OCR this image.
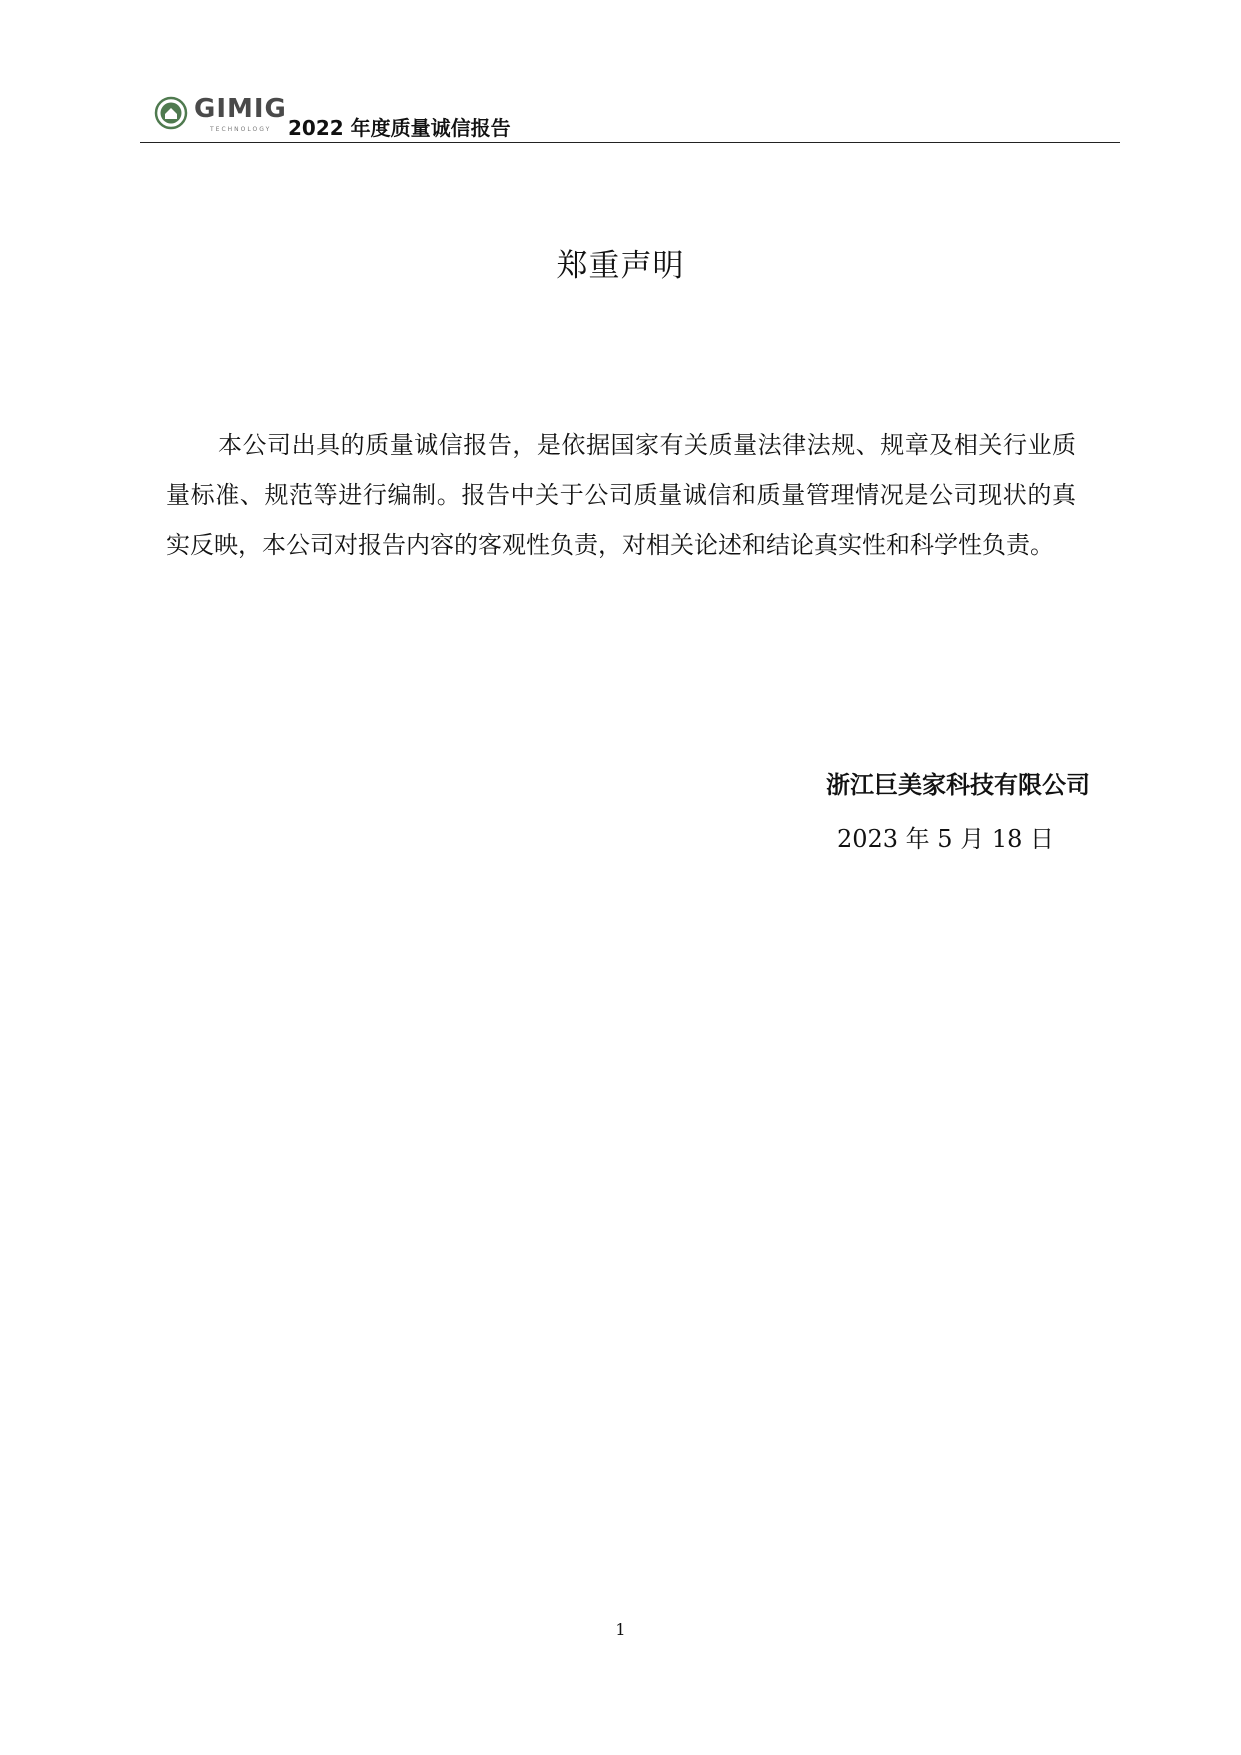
GIMIG
TECHNOLOGY 2022 年度质量诚信报告
郑重声明

本公司出具的质量诚信报告，是依据国家有关质量法律法规、规章及相关行业质量标准、规范等进行编制。报告中关于公司质量诚信和质量管理情况是公司现状的真实反映，本公司对报告内容的客观性负责，对相关论述和结论真实性和科学性负责。

浙江巨美家科技有限公司
2023 年 5 月 18 日
1
